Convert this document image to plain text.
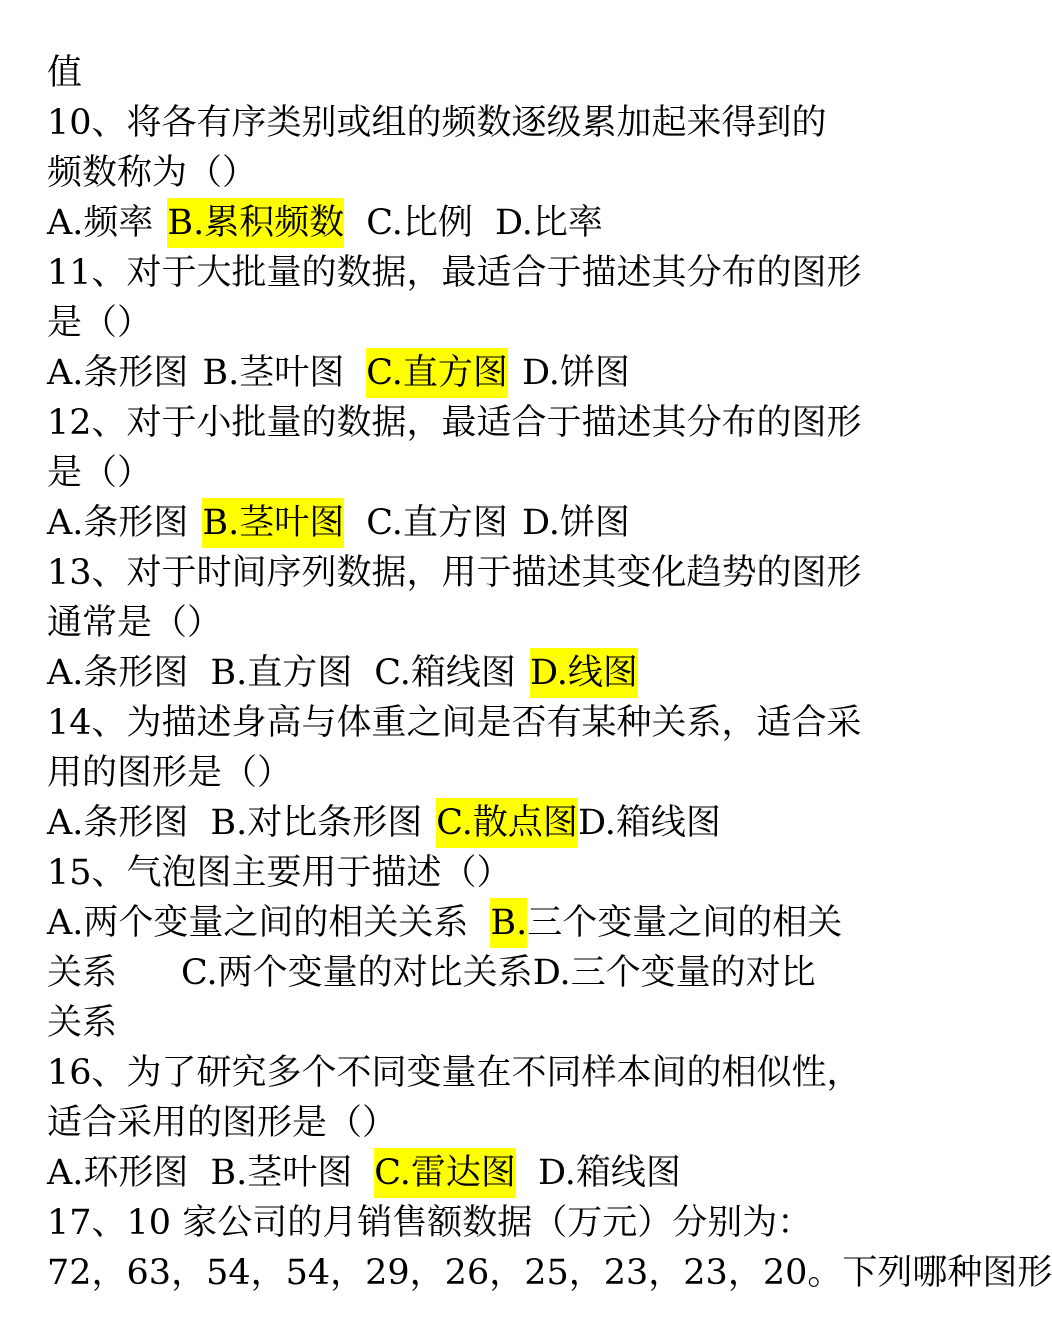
值
10、将各有序类别或组的频数逐级累加起来得到的
频数称为（）
A.频率 B.累积频数 C.比例 D.比率
11、对于大批量的数据，最适合于描述其分布的图形
是（）
A.条形图 B.茎叶图 C.直方图 D.饼图
12、对于小批量的数据，最适合于描述其分布的图形
是（）
A.条形图 B.茎叶图 C.直方图 D.饼图
13、对于时间序列数据，用于描述其变化趋势的图形
通常是（）
A.条形图 B.直方图 C.箱线图 D.线图
14、为描述身高与体重之间是否有某种关系，适合采
用的图形是（）
A.条形图 B.对比条形图 C.散点图D.箱线图
15、气泡图主要用于描述（）
A.两个变量之间的相关关系 B.三个变量之间的相关
关系 C.两个变量的对比关系D.三个变量的对比
关系
16、为了研究多个不同变量在不同样本间的相似性，
适合采用的图形是（）
A.环形图 B.茎叶图 C.雷达图 D.箱线图
17、10 家公司的月销售额数据（万元）分别为：
72，63，54，54，29，26，25，23，23，20。下列哪种图形
